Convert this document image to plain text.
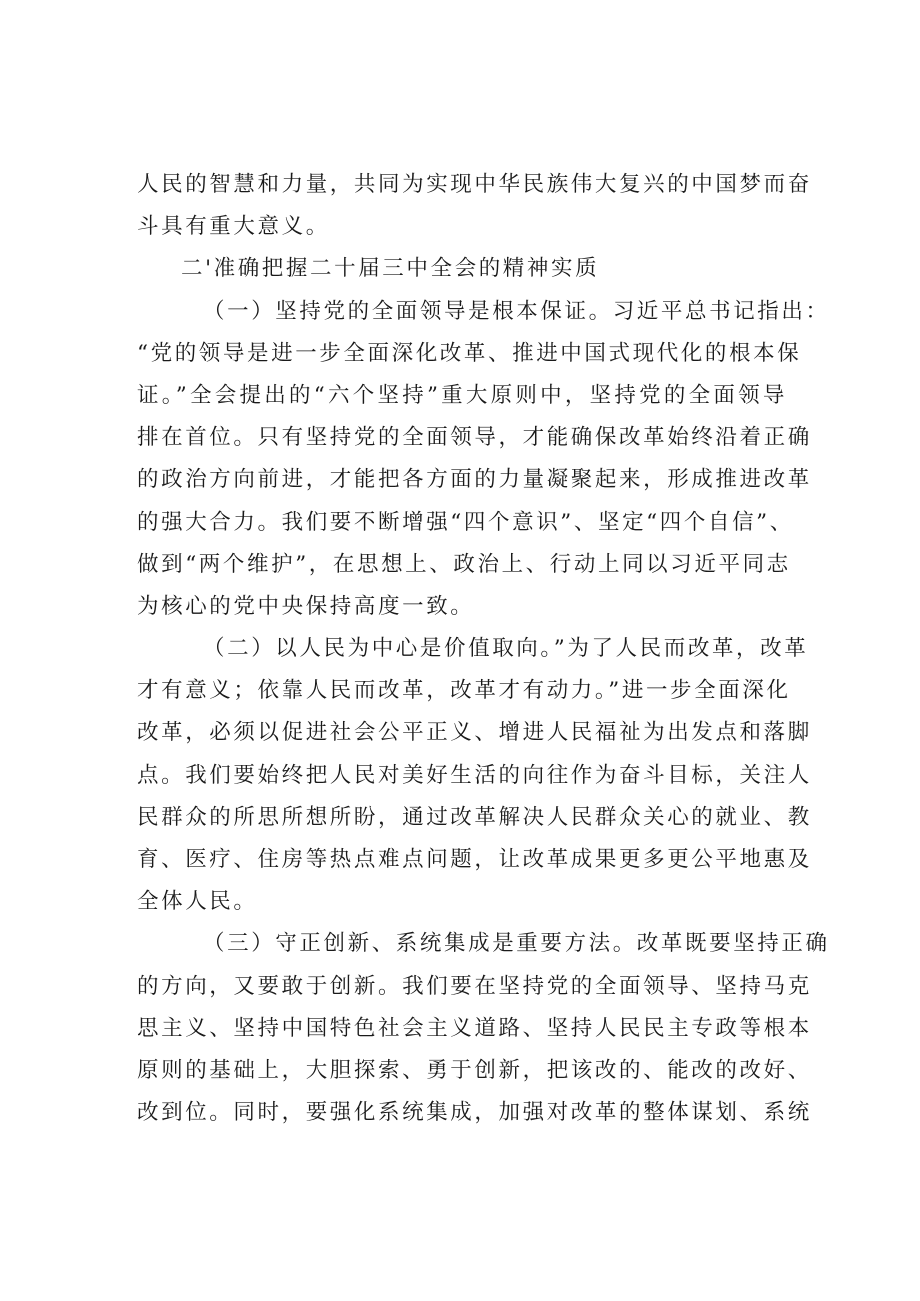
人民的智慧和力量，共同为实现中华民族伟大复兴的中国梦而奋
斗具有重大意义。
二'准确把握二十届三中全会的精神实质
（一）坚持党的全面领导是根本保证。习近平总书记指出：
“党的领导是进一步全面深化改革、推进中国式现代化的根本保
证。”全会提出的“六个坚持”重大原则中，坚持党的全面领导
排在首位。只有坚持党的全面领导，才能确保改革始终沿着正确
的政治方向前进，才能把各方面的力量凝聚起来，形成推进改革
的强大合力。我们要不断增强“四个意识”、坚定“四个自信”、
做到“两个维护”，在思想上、政治上、行动上同以习近平同志
为核心的党中央保持高度一致。
（二）以人民为中心是价值取向。”为了人民而改革，改革
才有意义；依靠人民而改革，改革才有动力。”进一步全面深化
改革，必须以促进社会公平正义、增进人民福祉为出发点和落脚
点。我们要始终把人民对美好生活的向往作为奋斗目标，关注人
民群众的所思所想所盼，通过改革解决人民群众关心的就业、教
育、医疗、住房等热点难点问题，让改革成果更多更公平地惠及
全体人民。
（三）守正创新、系统集成是重要方法。改革既要坚持正确
的方向，又要敢于创新。我们要在坚持党的全面领导、坚持马克
思主义、坚持中国特色社会主义道路、坚持人民民主专政等根本
原则的基础上，大胆探索、勇于创新，把该改的、能改的改好、
改到位。同时，要强化系统集成，加强对改革的整体谋划、系统
